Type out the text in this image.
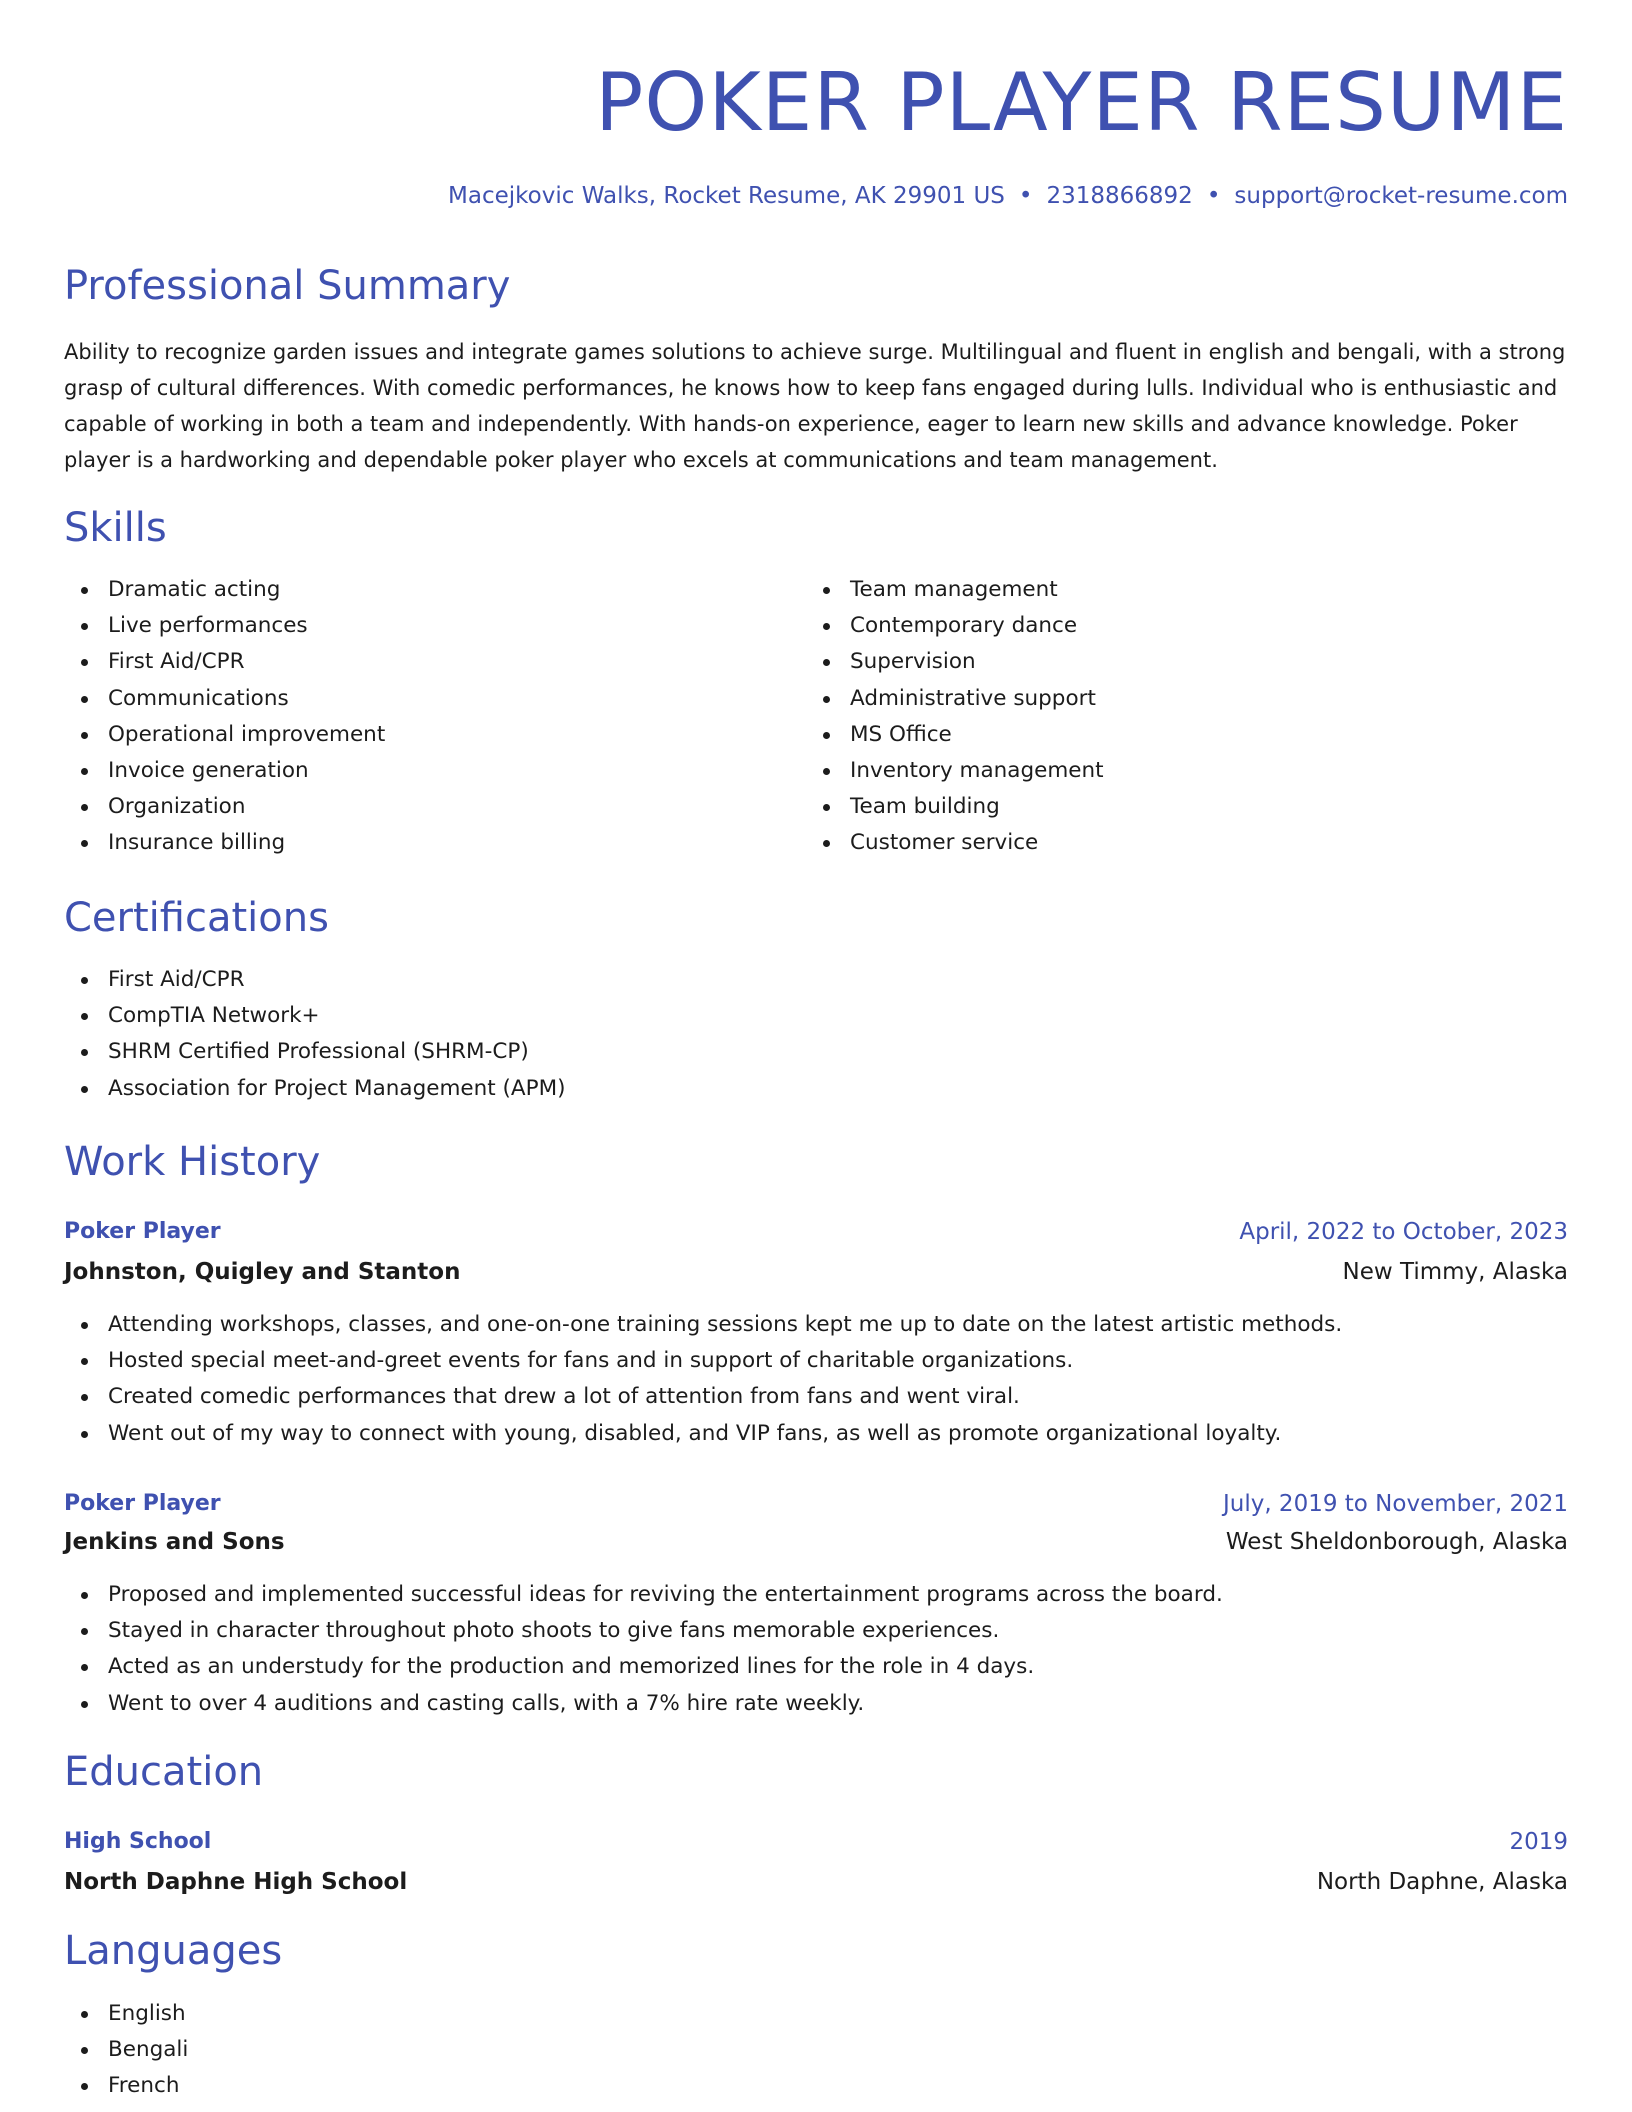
POKER PLAYER RESUME
Macejkovic Walks, Rocket Resume, AK 29901 US • 2318866892 • support@rocket-resume.com
Professional Summary

Ability to recognize garden issues and integrate games solutions to achieve surge. Multilingual and fluent in english and bengali, with a strong grasp of cultural differences. With comedic performances, he knows how to keep fans engaged during lulls. Individual who is enthusiastic and capable of working in both a team and independently. With hands-on experience, eager to learn new skills and advance knowledge. Poker player is a hardworking and dependable poker player who excels at communications and team management.

Skills
Dramatic acting
Live performances
First Aid/CPR
Communications
Operational improvement
Invoice generation
Organization
Insurance billing
Team management
Contemporary dance
Supervision
Administrative support
MS Office
Inventory management
Team building
Customer service
Certifications
First Aid/CPR
CompTIA Network+
SHRM Certified Professional (SHRM-CP)
Association for Project Management (APM)
Work History
Poker Player	April, 2022 to October, 2023
Johnston, Quigley and Stanton	New Timmy, Alaska
Attending workshops, classes, and one-on-one training sessions kept me up to date on the latest artistic methods.
Hosted special meet-and-greet events for fans and in support of charitable organizations.
Created comedic performances that drew a lot of attention from fans and went viral.
Went out of my way to connect with young, disabled, and VIP fans, as well as promote organizational loyalty.
Poker Player	July, 2019 to November, 2021
Jenkins and Sons	West Sheldonborough, Alaska
Proposed and implemented successful ideas for reviving the entertainment programs across the board.
Stayed in character throughout photo shoots to give fans memorable experiences.
Acted as an understudy for the production and memorized lines for the role in 4 days.
Went to over 4 auditions and casting calls, with a 7% hire rate weekly.
Education
High School	2019
North Daphne High School	North Daphne, Alaska
Languages
English
Bengali
French
